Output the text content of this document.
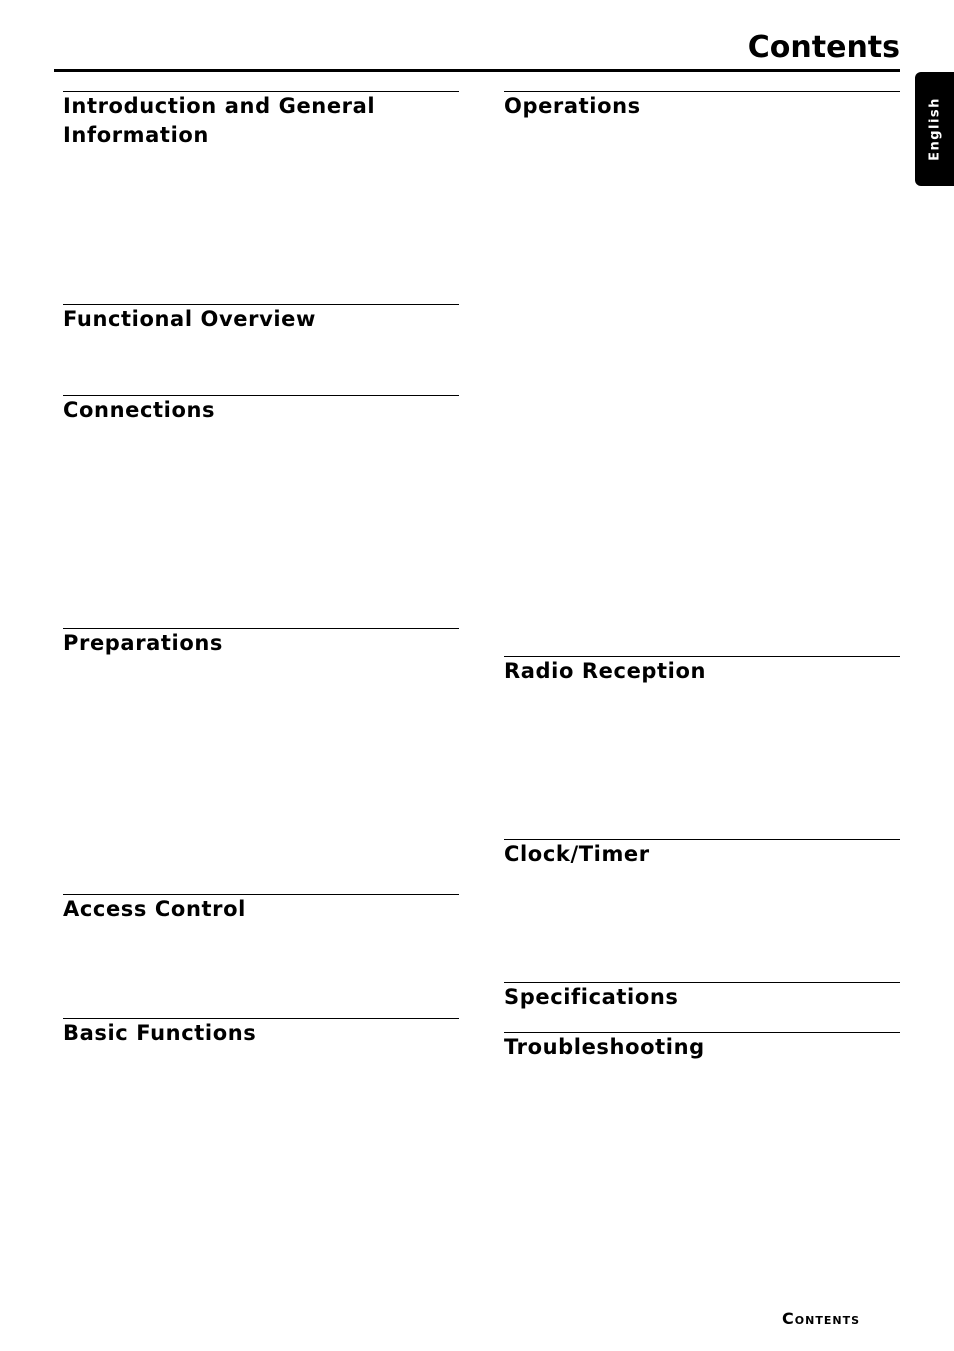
Contents
English
Introduction and General Information
Functional Overview
Connections
Preparations
Access Control
Basic Functions
Operations
Radio Reception
Clock/Timer
Specifications
Troubleshooting
Contents
